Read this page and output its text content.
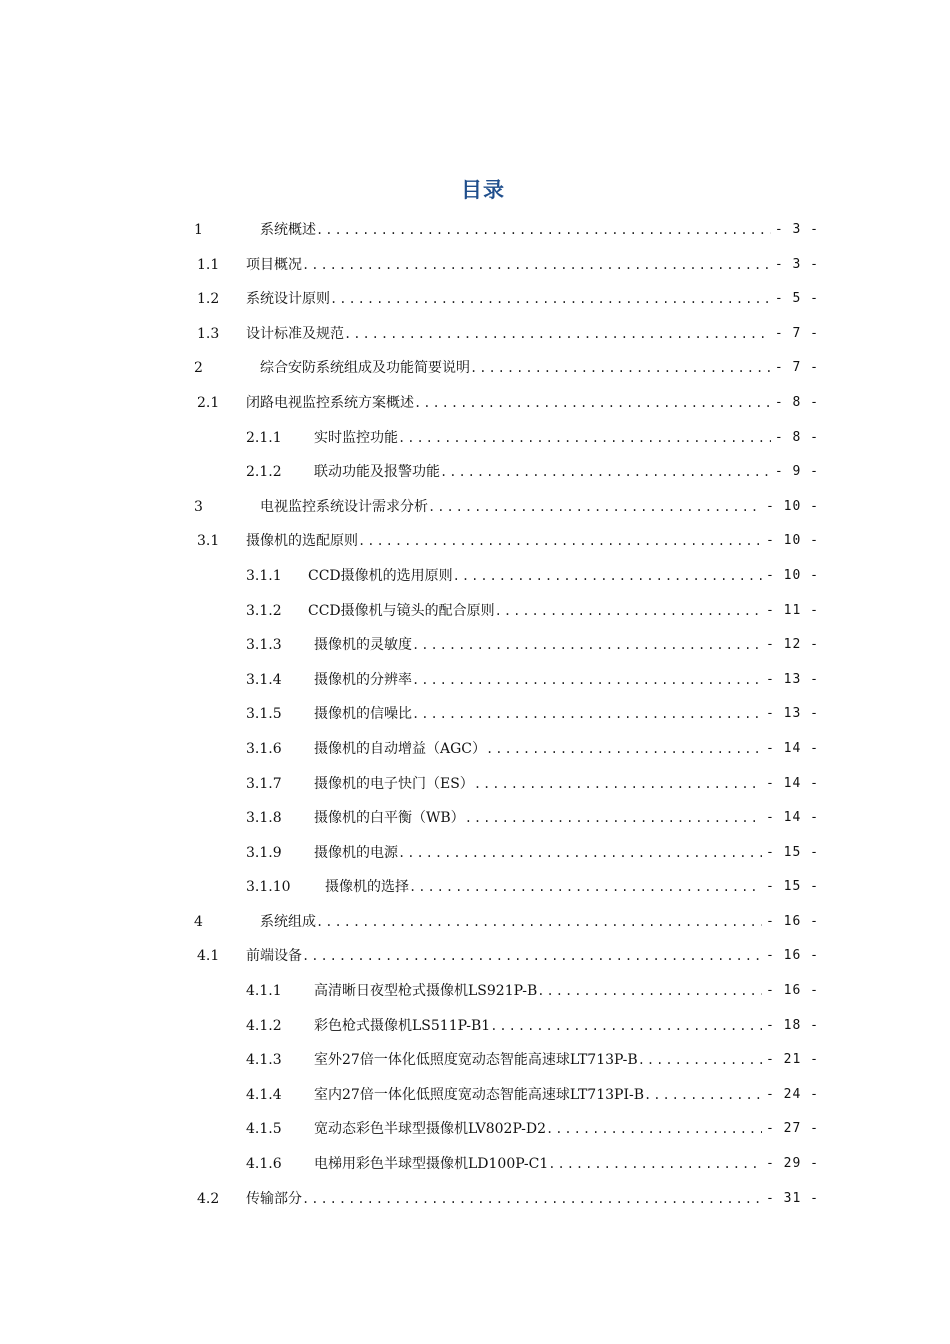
目录
1	系统概述 .....	- 3 -
1.1 项目概况 .....	- 3 -
1.2 系统设计原则 .....	- 5 -
1.3 设计标准及规范 .....	- 7 -
2	综合安防系统组成及功能简要说明 .....	- 7 -
2.1 闭路电视监控系统方案概述 .....	- 8 -
2.1.1 实时监控功能 .....	- 8 -
2.1.2 联动功能及报警功能 .....	- 9 -
3	电视监控系统设计需求分析 .....	- 10 -
3.1 摄像机的选配原则 .....	- 10 -
3.1.1 CCD摄像机的选用原则 .....	- 10 -
3.1.2 CCD摄像机与镜头的配合原则 .....	- 11 -
3.1.3 摄像机的灵敏度 .....	- 12 -
3.1.4 摄像机的分辨率 .....	- 13 -
3.1.5 摄像机的信噪比 .....	- 13 -
3.1.6 摄像机的自动增益（AGC） .....	- 14 -
3.1.7 摄像机的电子快门（ES） .....	- 14 -
3.1.8 摄像机的白平衡（WB） .....	- 14 -
3.1.9 摄像机的电源 .....	- 15 -
3.1.10 摄像机的选择 .....	- 15 -
4	系统组成 .....	- 16 -
4.1 前端设备 .....	- 16 -
4.1.1 高清晰日夜型枪式摄像机LS921P-B .....	- 16 -
4.1.2 彩色枪式摄像机LS511P-B1 .....	- 18 -
4.1.3 室外27倍一体化低照度宽动态智能高速球LT713P-B .....	- 21 -
4.1.4 室内27倍一体化低照度宽动态智能高速球LT713PI-B .....	- 24 -
4.1.5 宽动态彩色半球型摄像机LV802P-D2 .....	- 27 -
4.1.6 电梯用彩色半球型摄像机LD100P-C1 .....	- 29 -
4.2 传输部分 .....	- 31 -
